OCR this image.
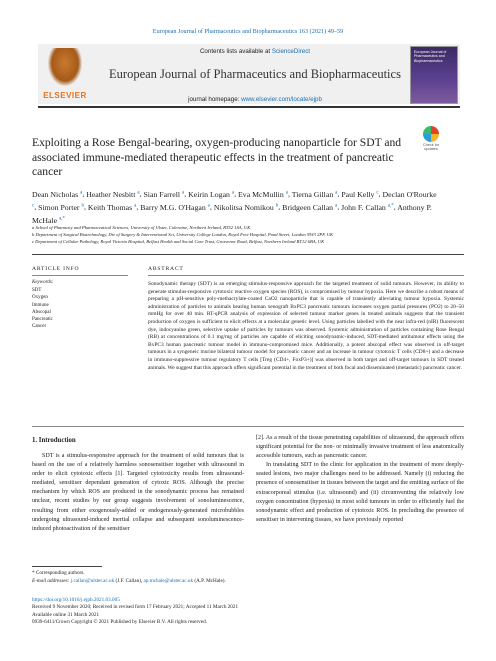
European Journal of Pharmaceutics and Biopharmaceutics 163 (2021) 49–59
ELSEVIER
Contents lists available at ScienceDirect
European Journal of Pharmaceutics and Biopharmaceutics
journal homepage: www.elsevier.com/locate/ejpb
European Journal of Pharmaceutics and Biopharmaceutics
Exploiting a Rose Bengal-bearing, oxygen-producing nanoparticle for SDT and associated immune-mediated therapeutic effects in the treatment of pancreatic cancer
Check for updates
Dean Nicholas $^a$, Heather Nesbitt $^a$, Sian Farrell $^a$, Keirin Logan $^a$, Eva McMullin $^a$, Tierna Gillan $^a$, Paul Kelly $^c$, Declan O'Rourke $^c$, Simon Porter $^b$, Keith Thomas $^a$, Barry M.G. O'Hagan $^a$, Nikolitsa Nomikou $^b$, Bridgeen Callan $^a$, John F. Callan $^{a,*}$, Anthony P. McHale $^{a,*}$
a School of Pharmacy and Pharmaceutical Sciences, University of Ulster, Coleraine, Northern Ireland, BT52 1SA, UK
b Department of Surgical Biotechnology, Div of Surgery & Interventional Sci, University College London, Royal Free Hospital, Pond Street, London NW3 2PF, UK
c Department of Cellular Pathology, Royal Victoria Hospital, Belfast Health and Social Care Trust, Grosvenor Road, Belfast, Northern Ireland BT12 6BA, UK
ARTICLE INFO
Keywords:
SDT
Oxygen
Immune
Abscopal
Pancreatic
Cancer
ABSTRACT
Sonodynamic therapy (SDT) is an emerging stimulus-responsive approach for the targeted treatment of solid tumours. However, its ability to generate stimulus-responsive cytotoxic reactive oxygen species (ROS), is compromised by tumour hypoxia. Here we describe a robust means of preparing a pH-sensitive poly-methacrylate-coated CaO2 nanoparticle that is capable of transiently alleviating tumour hypoxia. Systemic administration of particles to animals bearing human xenograft BxPC3 pancreatic tumours increases oxygen partial pressures (PO2) to 20–50 mmHg for over 40 min. RT-qPCR analysis of expression of selected tumour marker genes in treated animals suggests that the transient production of oxygen is sufficient to elicit effects at a molecular genetic level. Using particles labelled with the near infra-red (nIR) fluorescent dye, indocyanine green, selective uptake of particles by tumours was observed. Systemic administration of particles containing Rose Bengal (RB) at concentrations of 0.1 mg/mg of particles are capable of eliciting sonodynamic-induced, SDT-mediated antitumour effects using the BxPC3 human pancreatic tumour model in immuno-compromised mice. Additionally, a potent abscopal effect was observed in off-target tumours in a syngeneic murine bilateral tumour model for pancreatic cancer and an increase in tumour cytotoxic T cells (CD8+) and a decrease in immuno-suppressive tumour regulatory T cells [Treg (CD4+, FoxP3+)] was observed in both target and off-target tumours in SDT treated animals. We suggest that this approach offers significant potential in the treatment of both focal and disseminated (metastatic) pancreatic cancer.
1. Introduction

SDT is a stimulus-responsive approach for the treatment of solid tumours that is based on the use of a relatively harmless sonosensitiser together with ultrasound in order to elicit cytotoxic effects [1]. Targeted cytotoxicity results from ultrasound-mediated, sensitiser dependant generation of cytoxic ROS. Although the precise mechanism by which ROS are produced in the sonodynamic process has remained unclear, recent studies by our group suggests involvement of sonoluminescence, resulting from either exogenously-added or endogenously-generated microbubbles undergoing ultrasound-induced inertial collapse and subsequent sonoluminescence-induced photoactivation of the sensitiser

[2]. As a result of the tissue penetrating capabilities of ultrasound, the approach offers significant potential for the non- or minimally invasive treatment of less anatomically accessible tumours, such as pancreatic cancer.

In translating SDT to the clinic for application in the treatment of more deeply-seated lesions, two major challenges need to be addressed. Namely (i) reducing the presence of sonosensitiser in tissues between the target and the emitting surface of the extracorporeal stimulus (i.e. ultrasound) and (ii) circumventing the relatively low oxygen concentration (hypoxia) in most solid tumours in order to efficiently fuel the sonodynamic effect and production of cytotoxic ROS. In precluding the presence of sensitiser in intervening tissues, we have previously reported

* Corresponding authors.
E-mail addresses: j.callan@ulster.ac.uk (J.F. Callan), ap.mchale@ulster.ac.uk (A.P. McHale).
https://doi.org/10.1016/j.ejpb.2021.03.005
Received 9 November 2020; Received in revised form 17 February 2021; Accepted 11 March 2021
Available online 31 March 2021
0939-6411/Crown Copyright © 2021 Published by Elsevier B.V. All rights reserved.
